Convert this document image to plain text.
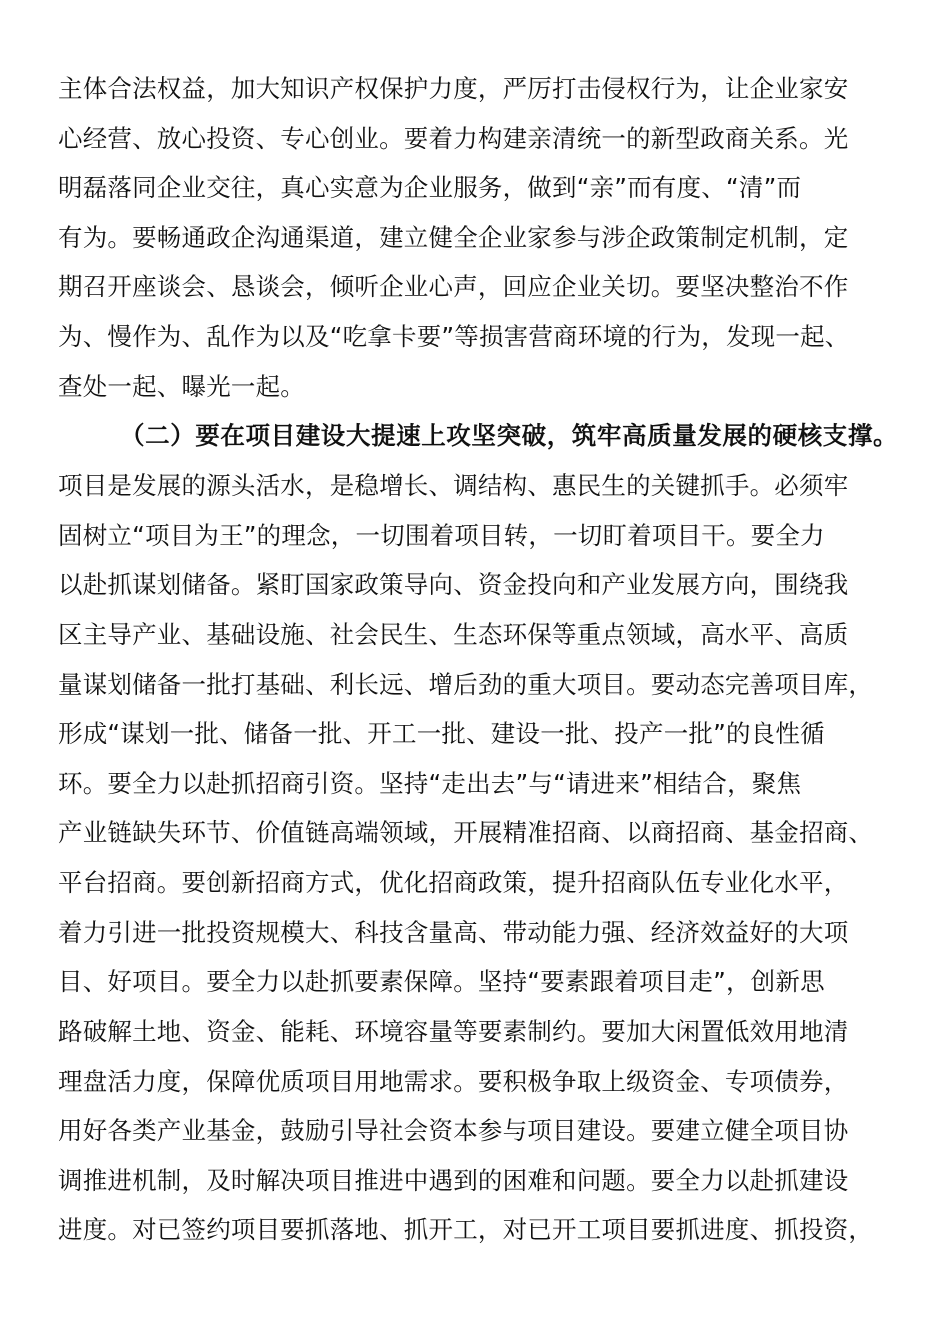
主体合法权益，加大知识产权保护力度，严厉打击侵权行为，让企业家安
心经营、放心投资、专心创业。要着力构建亲清统一的新型政商关系。光
明磊落同企业交往，真心实意为企业服务，做到“亲”而有度、“清”而
有为。要畅通政企沟通渠道，建立健全企业家参与涉企政策制定机制，定
期召开座谈会、恳谈会，倾听企业心声，回应企业关切。要坚决整治不作
为、慢作为、乱作为以及“吃拿卡要”等损害营商环境的行为，发现一起、
查处一起、曝光一起。
（二）要在项目建设大提速上攻坚突破，筑牢高质量发展的硬核支撑。
项目是发展的源头活水，是稳增长、调结构、惠民生的关键抓手。必须牢
固树立“项目为王”的理念，一切围着项目转，一切盯着项目干。要全力
以赴抓谋划储备。紧盯国家政策导向、资金投向和产业发展方向，围绕我
区主导产业、基础设施、社会民生、生态环保等重点领域，高水平、高质
量谋划储备一批打基础、利长远、增后劲的重大项目。要动态完善项目库，
形成“谋划一批、储备一批、开工一批、建设一批、投产一批”的良性循
环。要全力以赴抓招商引资。坚持“走出去”与“请进来”相结合，聚焦
产业链缺失环节、价值链高端领域，开展精准招商、以商招商、基金招商、
平台招商。要创新招商方式，优化招商政策，提升招商队伍专业化水平，
着力引进一批投资规模大、科技含量高、带动能力强、经济效益好的大项
目、好项目。要全力以赴抓要素保障。坚持“要素跟着项目走”，创新思
路破解土地、资金、能耗、环境容量等要素制约。要加大闲置低效用地清
理盘活力度，保障优质项目用地需求。要积极争取上级资金、专项债券，
用好各类产业基金，鼓励引导社会资本参与项目建设。要建立健全项目协
调推进机制，及时解决项目推进中遇到的困难和问题。要全力以赴抓建设
进度。对已签约项目要抓落地、抓开工，对已开工项目要抓进度、抓投资，
